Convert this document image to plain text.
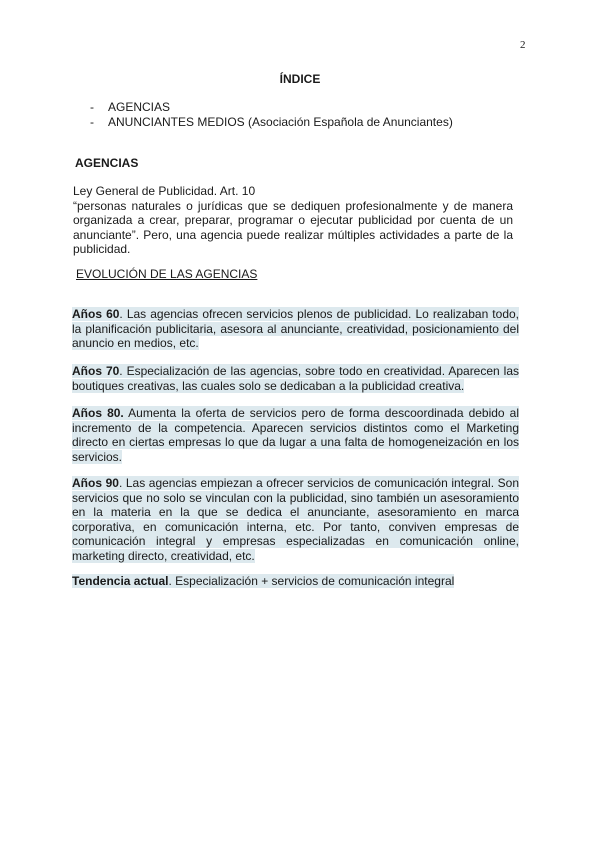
2
ÍNDICE
-	AGENCIAS
-	ANUNCIANTES MEDIOS (Asociación Española de Anunciantes)
AGENCIAS
Ley General de Publicidad. Art. 10
“personas naturales o jurídicas que se dediquen profesionalmente y de manera organizada a crear, preparar, programar o ejecutar publicidad por cuenta de un anunciante”. Pero, una agencia puede realizar múltiples actividades a parte de la publicidad.
EVOLUCIÓN DE LAS AGENCIAS
Años 60. Las agencias ofrecen servicios plenos de publicidad. Lo realizaban todo, la planificación publicitaria, asesora al anunciante, creatividad, posicionamiento del anuncio en medios, etc.
Años 70. Especialización de las agencias, sobre todo en creatividad. Aparecen las boutiques creativas, las cuales solo se dedicaban a la publicidad creativa.
Años 80. Aumenta la oferta de servicios pero de forma descoordinada debido al incremento de la competencia. Aparecen servicios distintos como el Marketing directo en ciertas empresas lo que da lugar a una falta de homogeneización en los servicios.
Años 90. Las agencias empiezan a ofrecer servicios de comunicación integral. Son servicios que no solo se vinculan con la publicidad, sino también un asesoramiento en la materia en la que se dedica el anunciante, asesoramiento en marca corporativa, en comunicación interna, etc. Por tanto, conviven empresas de comunicación integral y empresas especializadas en comunicación online, marketing directo, creatividad, etc.
Tendencia actual. Especialización + servicios de comunicación integral
